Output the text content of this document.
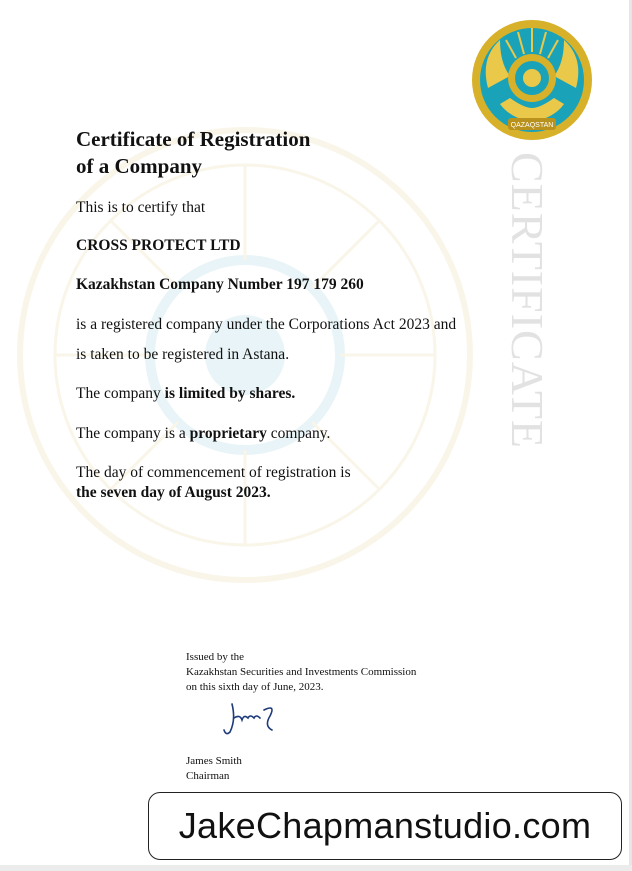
QAZAQSTAN
CERTIFICATE
Certificate of Registration
of a Company
This is to certify that
CROSS PROTECT LTD
Kazakhstan Company Number 197 179 260
is a registered company under the Corporations Act 2023 and
is taken to be registered in Astana.
The company is limited by shares.
The company is a proprietary company.
The day of commencement of registration is
the seven day of August 2023.
Issued by the
Kazakhstan Securities and Investments Commission
on this sixth day of June, 2023.
James Smith
Chairman
JakeChapmanstudio.com
